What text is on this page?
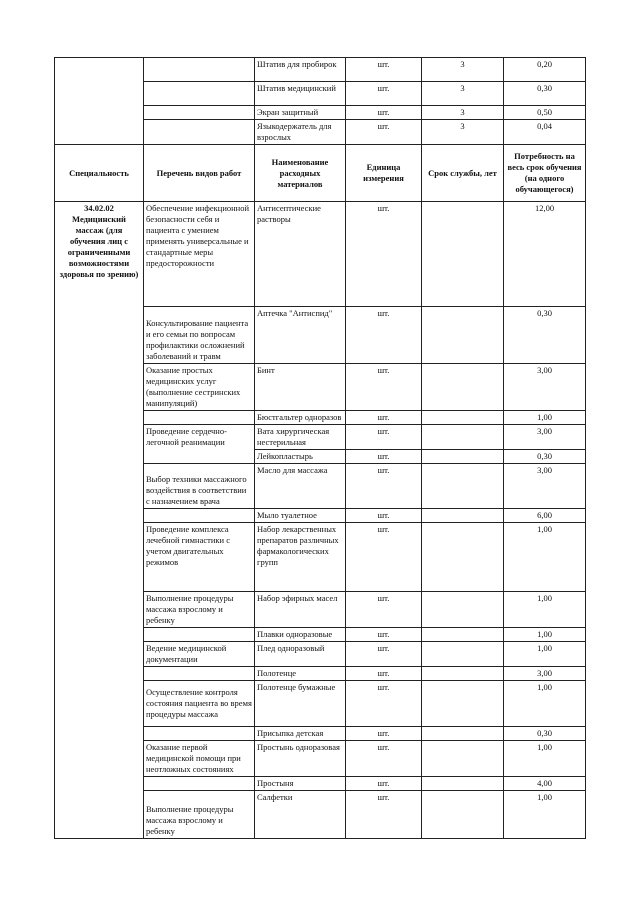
		Штатив для пробирок	шт.	3	0,20
		Штатив медицинский	шт.	3	0,30
		Экран защитный	шт.	3	0,50
		Языкодержатель для взрослых	шт.	3	0,04
Специальность	Перечень видов работ	Наименование расходных материалов	Единица измерения	Срок службы, лет	Потребность на весь срок обучения (на одного обучающегося)
34.02.02 Медицинский массаж (для обучения лиц с ограниченными возможностями здоровья по зрению)	Обеспечение инфекционной безопасности себя и пациента с умением применять универсальные и стандартные меры предосторожности	Антисептические растворы	шт.		12,00
	Консультирование пациента и его семьи по вопросам профилактики осложнений заболеваний и травм	Аптечка "Антиспид"	шт.		0,30
	Оказание простых медицинских услуг (выполнение сестринских манипуляций)	Бинт	шт.		3,00
		Бюстгальтер одноразов	шт.		1,00
	Проведение сердечно-легочной реанимации	Вата хирургическая нестерильная	шт.		3,00
		Лейкопластырь	шт.		0,30
	Выбор техники массажного воздействия в соответствии с назначением врача	Масло для массажа	шт.		3,00
		Мыло туалетное	шт.		6,00
	Проведение комплекса лечебной гимнастики с учетом двигательных режимов	Набор лекарственных препаратов различных фармакологических групп	шт.		1,00
	Выполнение процедуры массажа взрослому и ребенку	Набор эфирных масел	шт.		1,00
		Плавки одноразовые	шт.		1,00
	Ведение медицинской документации	Плед одноразовый	шт.		1,00
		Полотенце	шт.		3,00
	Осуществление контроля состояния пациента во время процедуры массажа	Полотенце бумажные	шт.		1,00
		Присыпка детская	шт.		0,30
	Оказание первой медицинской помощи при неотложных состояниях	Простынь одноразовая	шт.		1,00
		Простыня	шт.		4,00
	Выполнение процедуры массажа взрослому и ребенку	Салфетки	шт.		1,00
